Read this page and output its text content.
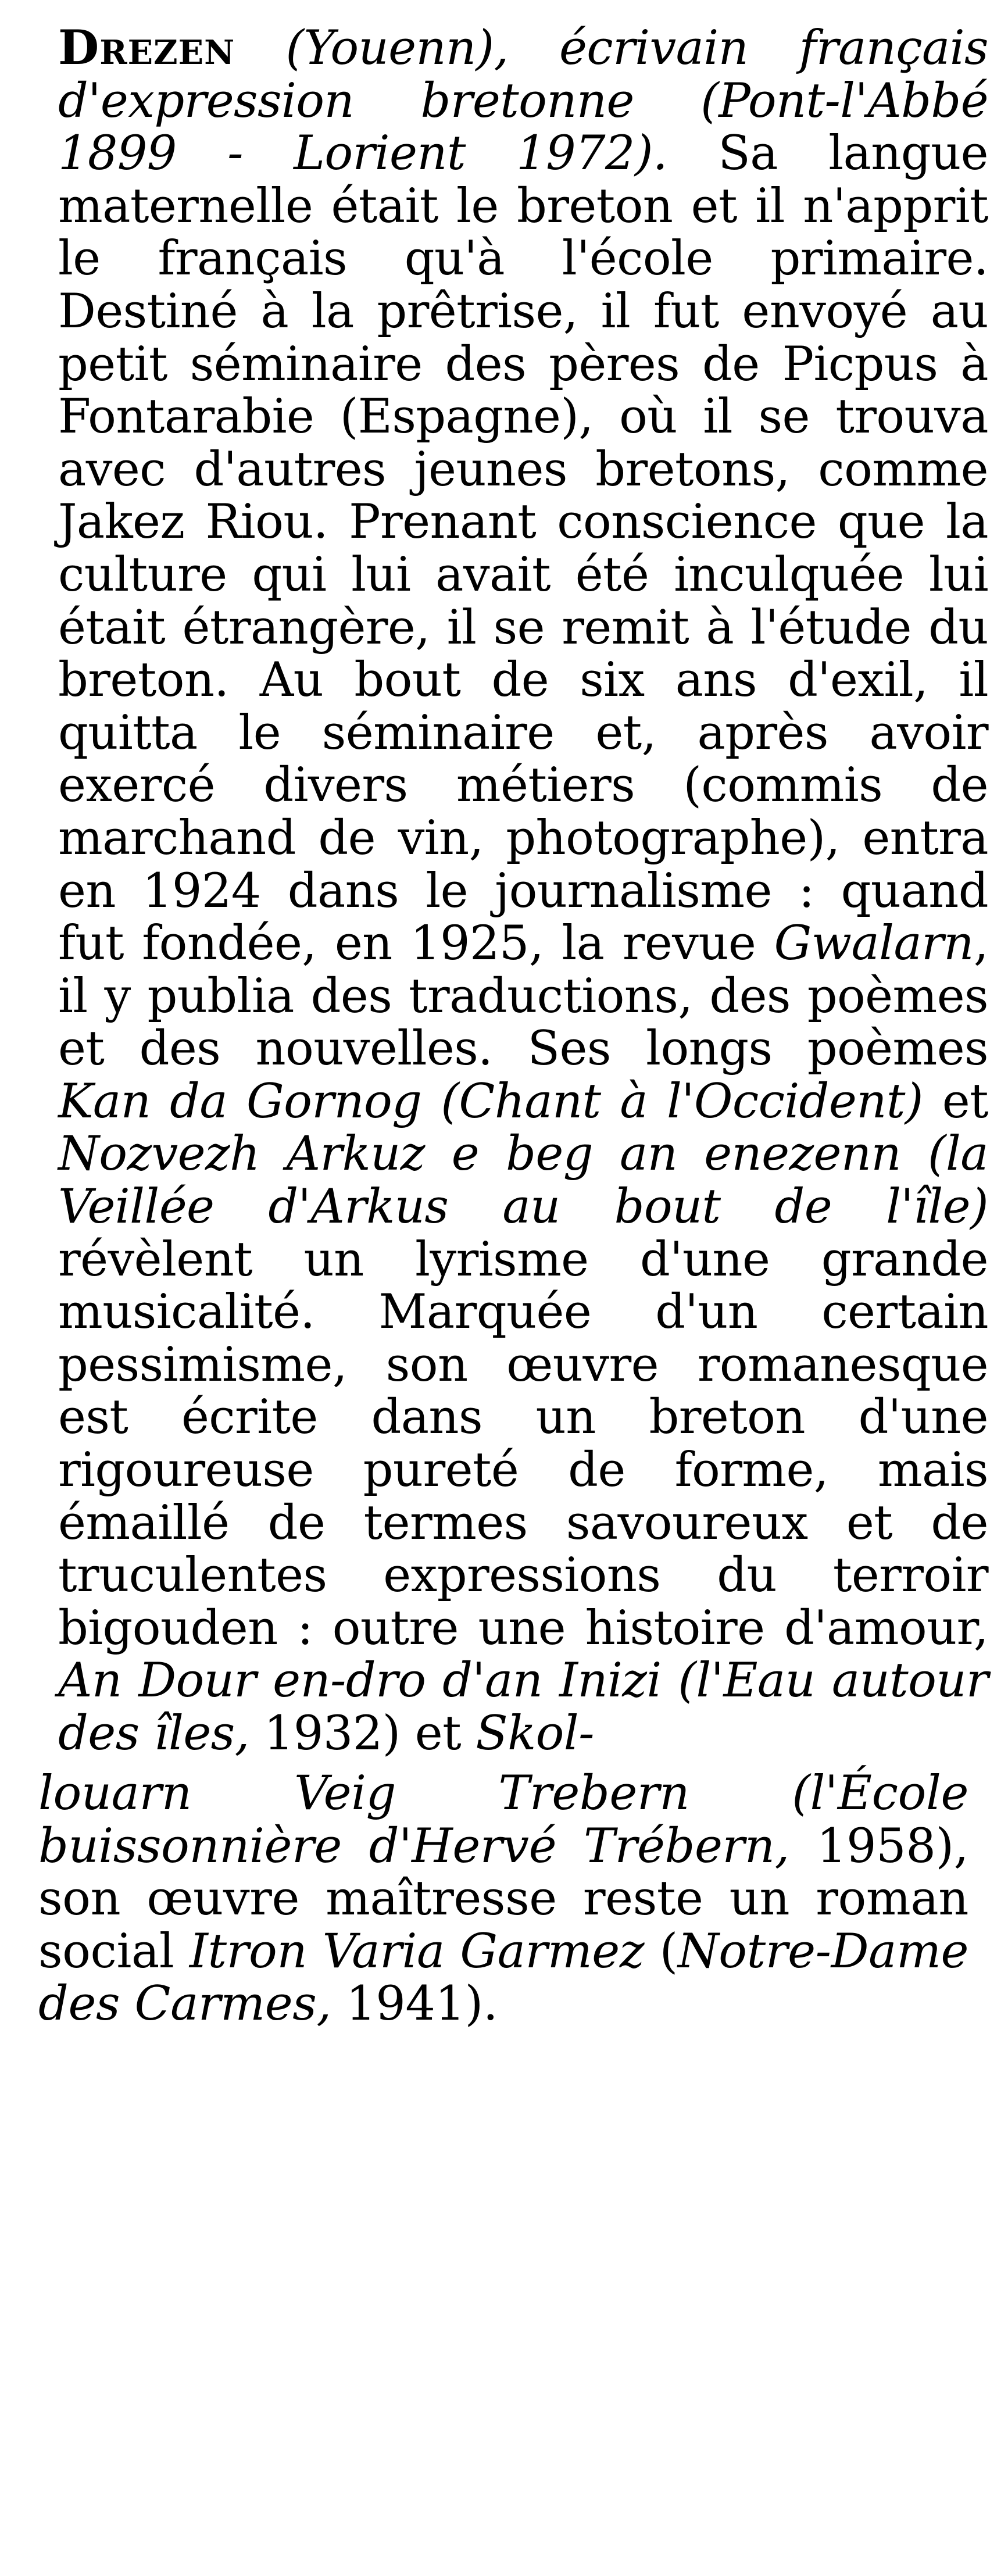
Drezen (Youenn), écrivain français d'expression bretonne (Pont-l'Abbé 1899 - Lorient 1972). Sa langue maternelle était le breton et il n'apprit le français qu'à l'école primaire. Destiné à la prêtrise, il fut envoyé au petit séminaire des pères de Picpus à Fontarabie (Espagne), où il se trouva avec d'autres jeunes bretons, comme Jakez Riou. Prenant conscience que la culture qui lui avait été inculquée lui était étrangère, il se remit à l'étude du breton. Au bout de six ans d'exil, il quitta le séminaire et, après avoir exercé divers métiers (commis de marchand de vin, photographe), entra en 1924 dans le journalisme : quand fut fondée, en 1925, la revue Gwalarn, il y publia des traductions, des poèmes et des nouvelles. Ses longs poèmes Kan da Gornog (Chant à l'Occident) et Nozvezh Arkuz e beg an enezenn (la Veillée d'Arkus au bout de l'île) révèlent un lyrisme d'une grande musicalité. Marquée d'un certain pessimisme, son œuvre romanesque est écrite dans un breton d'une rigoureuse pureté de forme, mais émaillé de termes savoureux et de truculentes expressions du terroir bigouden : outre une histoire d'amour, An Dour en-dro d'an Inizi (l'Eau autour des îles, 1932) et Skol-

louarn Veig Trebern (l'École buissonnière d'Hervé Trébern, 1958), son œuvre maîtresse reste un roman social Itron Varia Garmez (Notre-Dame des Carmes, 1941).
